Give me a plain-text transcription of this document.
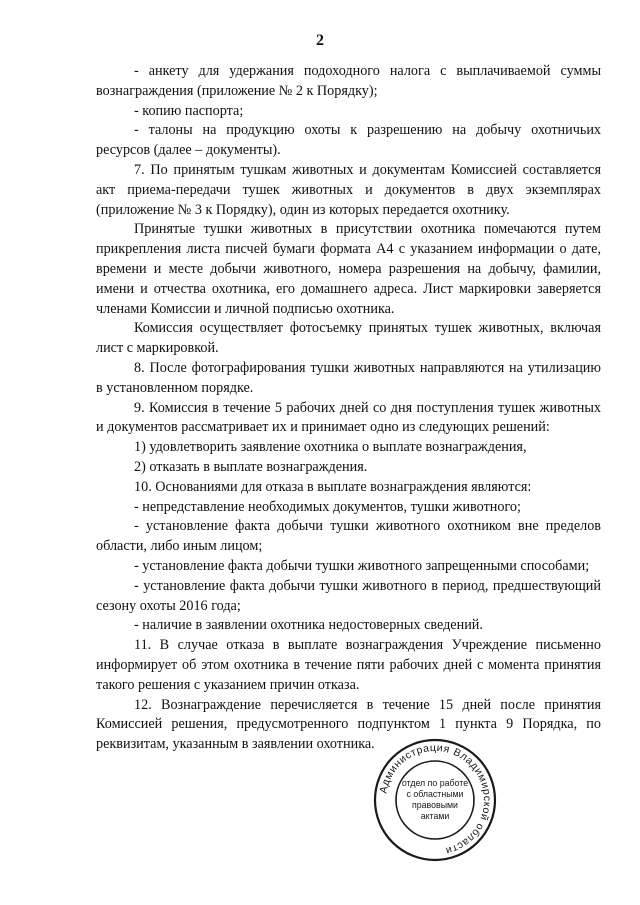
2

- анкету для удержания подоходного налога с выплачиваемой суммы вознаграждения (приложение № 2 к Порядку);

- копию паспорта;

- талоны на продукцию охоты к разрешению на добычу охотничьих ресурсов (далее – документы).

7. По принятым тушкам животных и документам Комиссией составляется акт приема-передачи тушек животных и документов в двух экземплярах (приложение № 3 к Порядку), один из которых передается охотнику.

Принятые тушки животных в присутствии охотника помечаются путем прикрепления листа писчей бумаги формата А4 с указанием информации о дате, времени и месте добычи животного, номера разрешения на добычу, фамилии, имени и отчества охотника, его домашнего адреса. Лист маркировки заверяется членами Комиссии и личной подписью охотника.

Комиссия осуществляет фотосъемку принятых тушек животных, включая лист с маркировкой.

8. После фотографирования тушки животных направляются на утилизацию в установленном порядке.

9. Комиссия в течение 5 рабочих дней со дня поступления тушек животных и документов рассматривает их и принимает одно из следующих решений:

1) удовлетворить заявление охотника о выплате вознаграждения,

2) отказать в выплате вознаграждения.

10. Основаниями для отказа в выплате вознаграждения являются:

- непредставление необходимых документов, тушки животного;

- установление факта добычи тушки животного охотником вне пределов области, либо иным лицом;

- установление факта добычи тушки животного запрещенными способами;

- установление факта добычи тушки животного в период, предшествующий сезону охоты 2016 года;

- наличие в заявлении охотника недостоверных сведений.

11. В случае отказа в выплате вознаграждения Учреждение письменно информирует об этом охотника в течение пяти рабочих дней с момента принятия такого решения с указанием причин отказа.

12. Вознаграждение перечисляется в течение 15 дней после принятия Комиссией решения, предусмотренного подпунктом 1 пункта 9 Порядка, по реквизитам, указанным в заявлении охотника.

Администрация Владимирской области
отдел по работе
с областными
правовыми
актами
